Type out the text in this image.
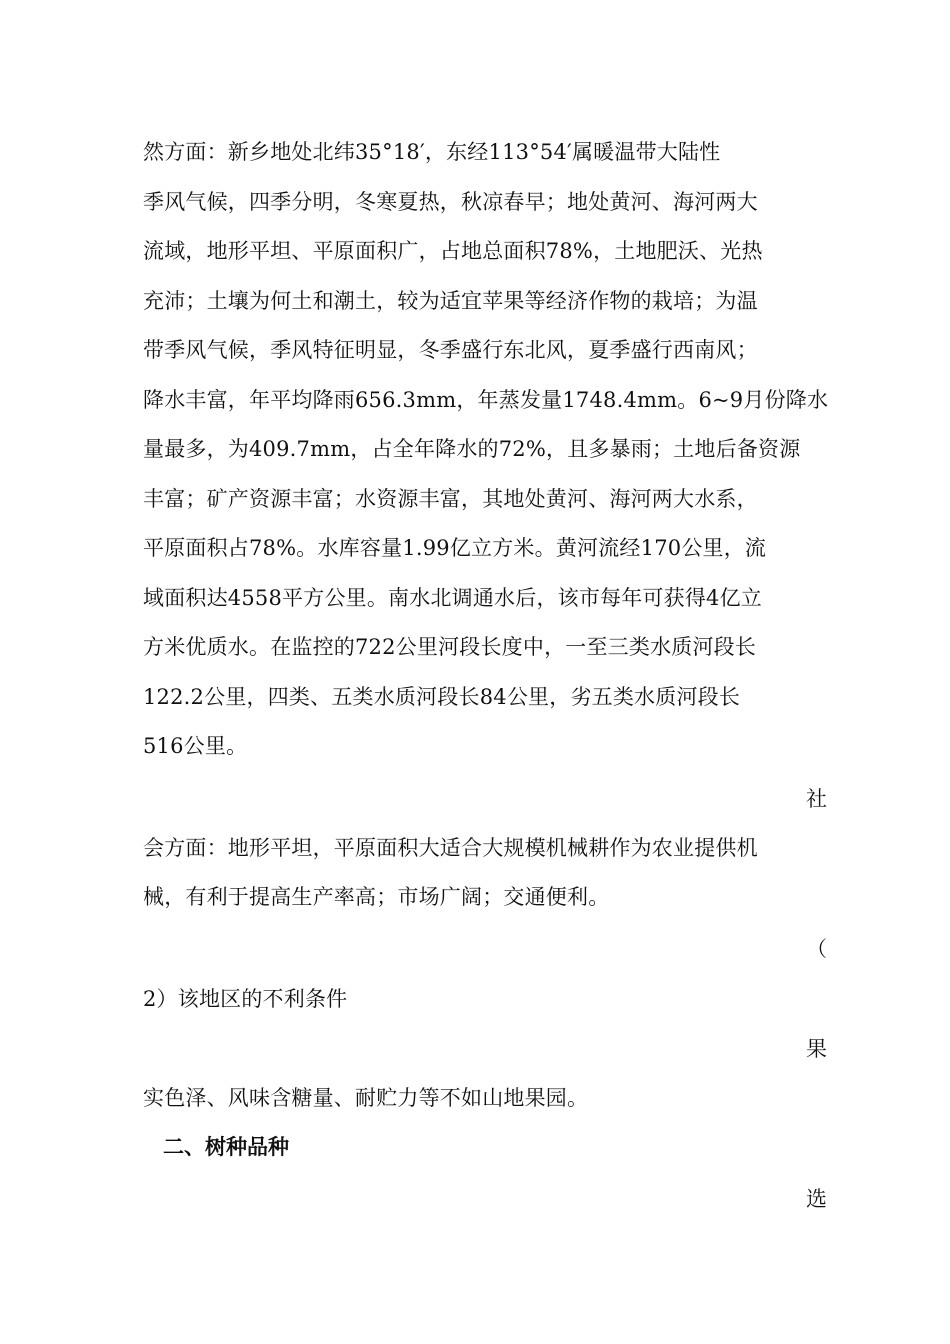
然方面：新乡地处北纬35°18′，东经113°54′属暖温带大陆性
季风气候，四季分明，冬寒夏热，秋凉春早；地处黄河、海河两大
流域，地形平坦、平原面积广，占地总面积78%，土地肥沃、光热
充沛；土壤为何土和潮土，较为适宜苹果等经济作物的栽培；为温
带季风气候，季风特征明显，冬季盛行东北风，夏季盛行西南风；
降水丰富，年平均降雨656.3mm，年蒸发量1748.4mm。6~9月份降水
量最多，为409.7mm，占全年降水的72%，且多暴雨；土地后备资源
丰富；矿产资源丰富；水资源丰富，其地处黄河、海河两大水系，
平原面积占78%。水库容量1.99亿立方米。黄河流经170公里，流
域面积达4558平方公里。南水北调通水后，该市每年可获得4亿立
方米优质水。在监控的722公里河段长度中，一至三类水质河段长
122.2公里，四类、五类水质河段长84公里，劣五类水质河段长
516公里。
社
会方面：地形平坦，平原面积大适合大规模机械耕作为农业提供机
械，有利于提高生产率高；市场广阔；交通便利。
（
2）该地区的不利条件
果
实色泽、风味含糖量、耐贮力等不如山地果园。
二、树种品种
选
